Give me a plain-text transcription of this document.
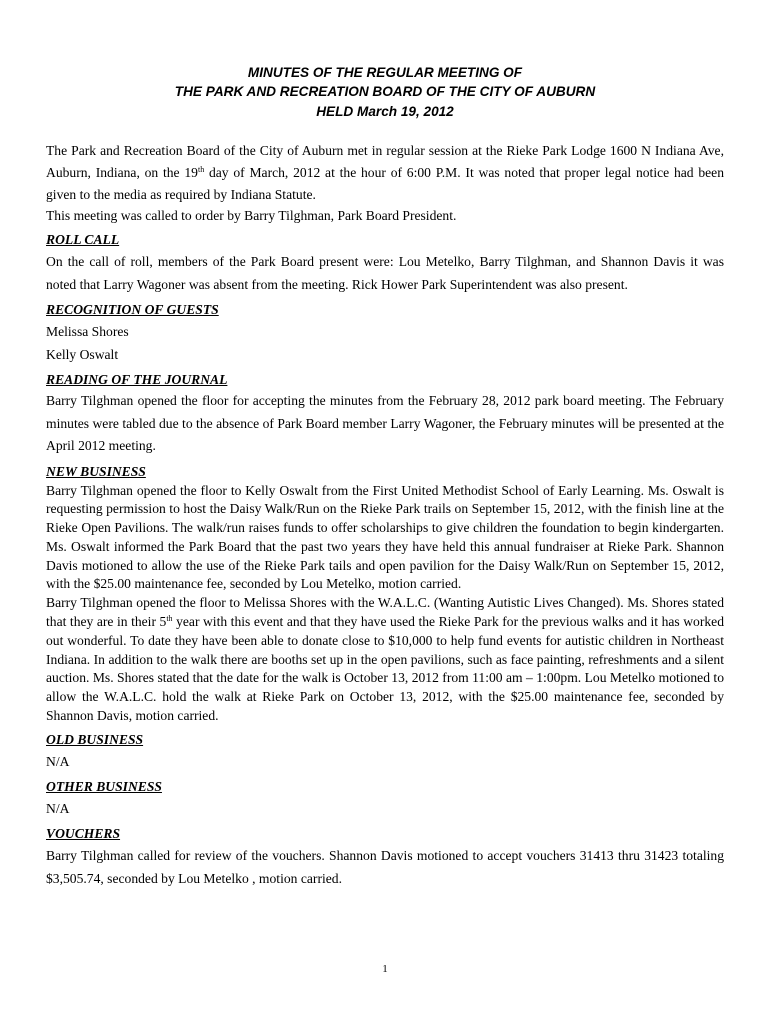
MINUTES OF THE REGULAR MEETING OF
THE PARK AND RECREATION BOARD OF THE CITY OF AUBURN
HELD March 19, 2012

The Park and Recreation Board of the City of Auburn met in regular session at the Rieke Park Lodge 1600 N Indiana Ave, Auburn, Indiana, on the 19th day of March, 2012 at the hour of 6:00 P.M. It was noted that proper legal notice had been given to the media as required by Indiana Statute.

This meeting was called to order by Barry Tilghman, Park Board President.

ROLL CALL

On the call of roll, members of the Park Board present were: Lou Metelko, Barry Tilghman, and Shannon Davis it was noted that Larry Wagoner was absent from the meeting. Rick Hower Park Superintendent was also present.

RECOGNITION OF GUESTS
Melissa Shores
Kelly Oswalt
READING OF THE JOURNAL

Barry Tilghman opened the floor for accepting the minutes from the February 28, 2012 park board meeting. The February minutes were tabled due to the absence of Park Board member Larry Wagoner, the February minutes will be presented at the April 2012 meeting.

NEW BUSINESS

Barry Tilghman opened the floor to Kelly Oswalt from the First United Methodist School of Early Learning. Ms. Oswalt is requesting permission to host the Daisy Walk/Run on the Rieke Park trails on September 15, 2012, with the finish line at the Rieke Open Pavilions. The walk/run raises funds to offer scholarships to give children the foundation to begin kindergarten. Ms. Oswalt informed the Park Board that the past two years they have held this annual fundraiser at Rieke Park. Shannon Davis motioned to allow the use of the Rieke Park tails and open pavilion for the Daisy Walk/Run on September 15, 2012, with the $25.00 maintenance fee, seconded by Lou Metelko, motion carried.

Barry Tilghman opened the floor to Melissa Shores with the W.A.L.C. (Wanting Autistic Lives Changed). Ms. Shores stated that they are in their 5th year with this event and that they have used the Rieke Park for the previous walks and it has worked out wonderful. To date they have been able to donate close to $10,000 to help fund events for autistic children in Northeast Indiana. In addition to the walk there are booths set up in the open pavilions, such as face painting, refreshments and a silent auction. Ms. Shores stated that the date for the walk is October 13, 2012 from 11:00 am – 1:00pm. Lou Metelko motioned to allow the W.A.L.C. hold the walk at Rieke Park on October 13, 2012, with the $25.00 maintenance fee, seconded by Shannon Davis, motion carried.

OLD BUSINESS
N/A
OTHER BUSINESS
N/A
VOUCHERS

Barry Tilghman called for review of the vouchers. Shannon Davis motioned to accept vouchers 31413 thru 31423 totaling $3,505.74, seconded by Lou Metelko , motion carried.

1
